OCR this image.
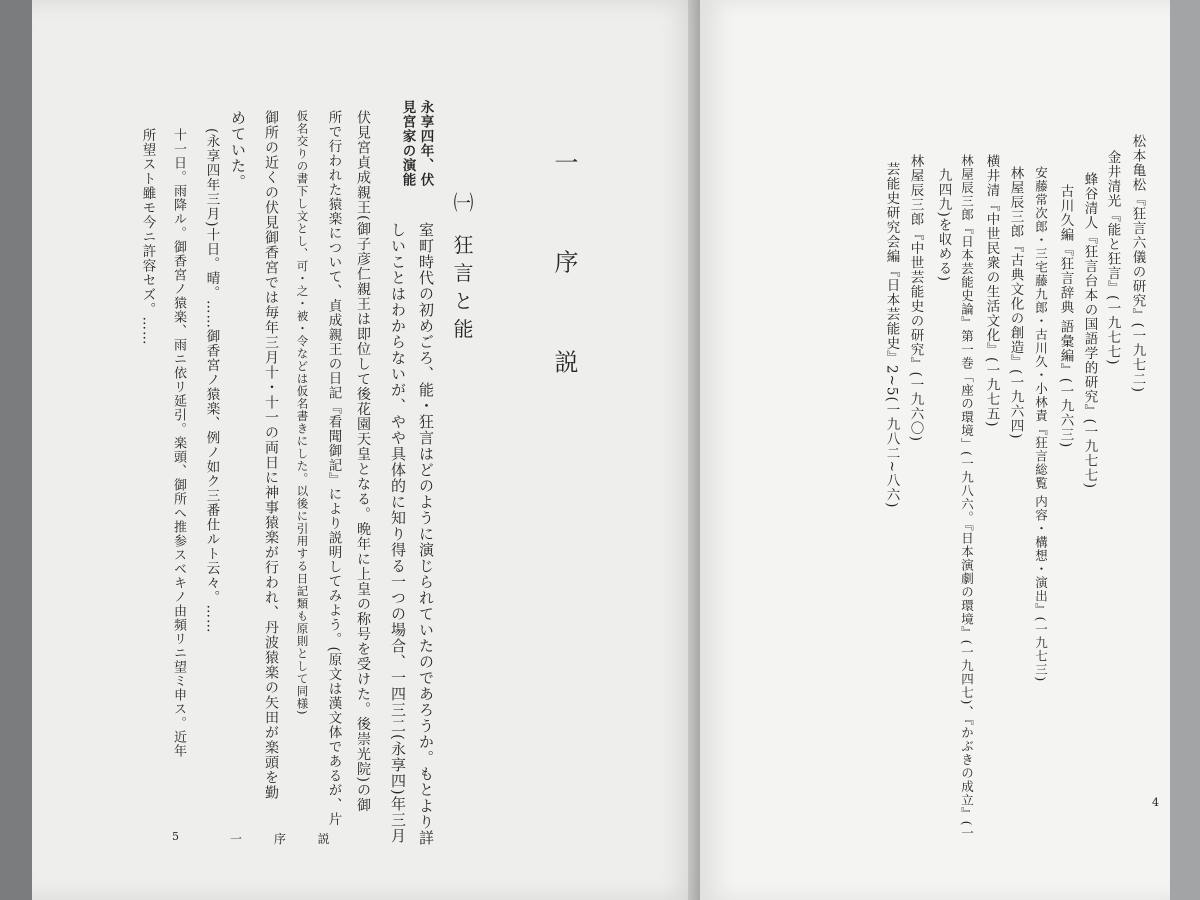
一 序 説
㈠ 狂言と能
永享四年、伏
見宮家の演能
室町時代の初めごろ、能・狂言はどのように演じられていたのであろうか。もとより詳
しいことはわからないが、やや具体的に知り得る一つの場合、一四三二(永享四)年三月
伏見宮貞成親王(御子彦仁親王は即位して後花園天皇となる。晩年に上皇の称号を受けた。後崇光院)の御
所で行われた猿楽について、貞成親王の日記『看聞御記』により説明してみよう。(原文は漢文体であるが、片
仮名交りの書下し文とし、可・之・被・令などは仮名書きにした。以後に引用する日記類も原則として同様)
御所の近くの伏見御香宮では毎年三月十・十一の両日に神事猿楽が行われ、丹波猿楽の矢田が楽頭を勤
めていた。
(永享四年三月)十日。晴。……御香宮ノ猿楽、例ノ如ク三番仕ルト云々。……
十一日。雨降ル。御香宮ノ猿楽、雨ニ依リ延引。楽頭、御所へ推参スベキノ由頻リニ望ミ申ス。近年
所望スト雖モ今ニ許容セズ。……
5	一 序 説
松本亀松『狂言六儀の研究』(一九七二)
金井清光『能と狂言』(一九七七)
蜂谷清人『狂言台本の国語学的研究』(一九七七)
古川久編『狂言辞典 語彙編』(一九六三)
安藤常次郎・三宅藤九郎・古川久・小林責『狂言総覧 内容・構想・演出』(一九七三)
林屋辰三郎『古典文化の創造』(一九六四)
横井清『中世民衆の生活文化』(一九七五)
林屋辰三郎『日本芸能史論』第一巻「座の環境」(一九八六。『日本演劇の環境』(一九四七)、『かぶきの成立』(一
九四九)を収める)
林屋辰三郎『中世芸能史の研究』(一九六〇)
芸能史研究会編『日本芸能史』2~5(一九八二~八六)
4
